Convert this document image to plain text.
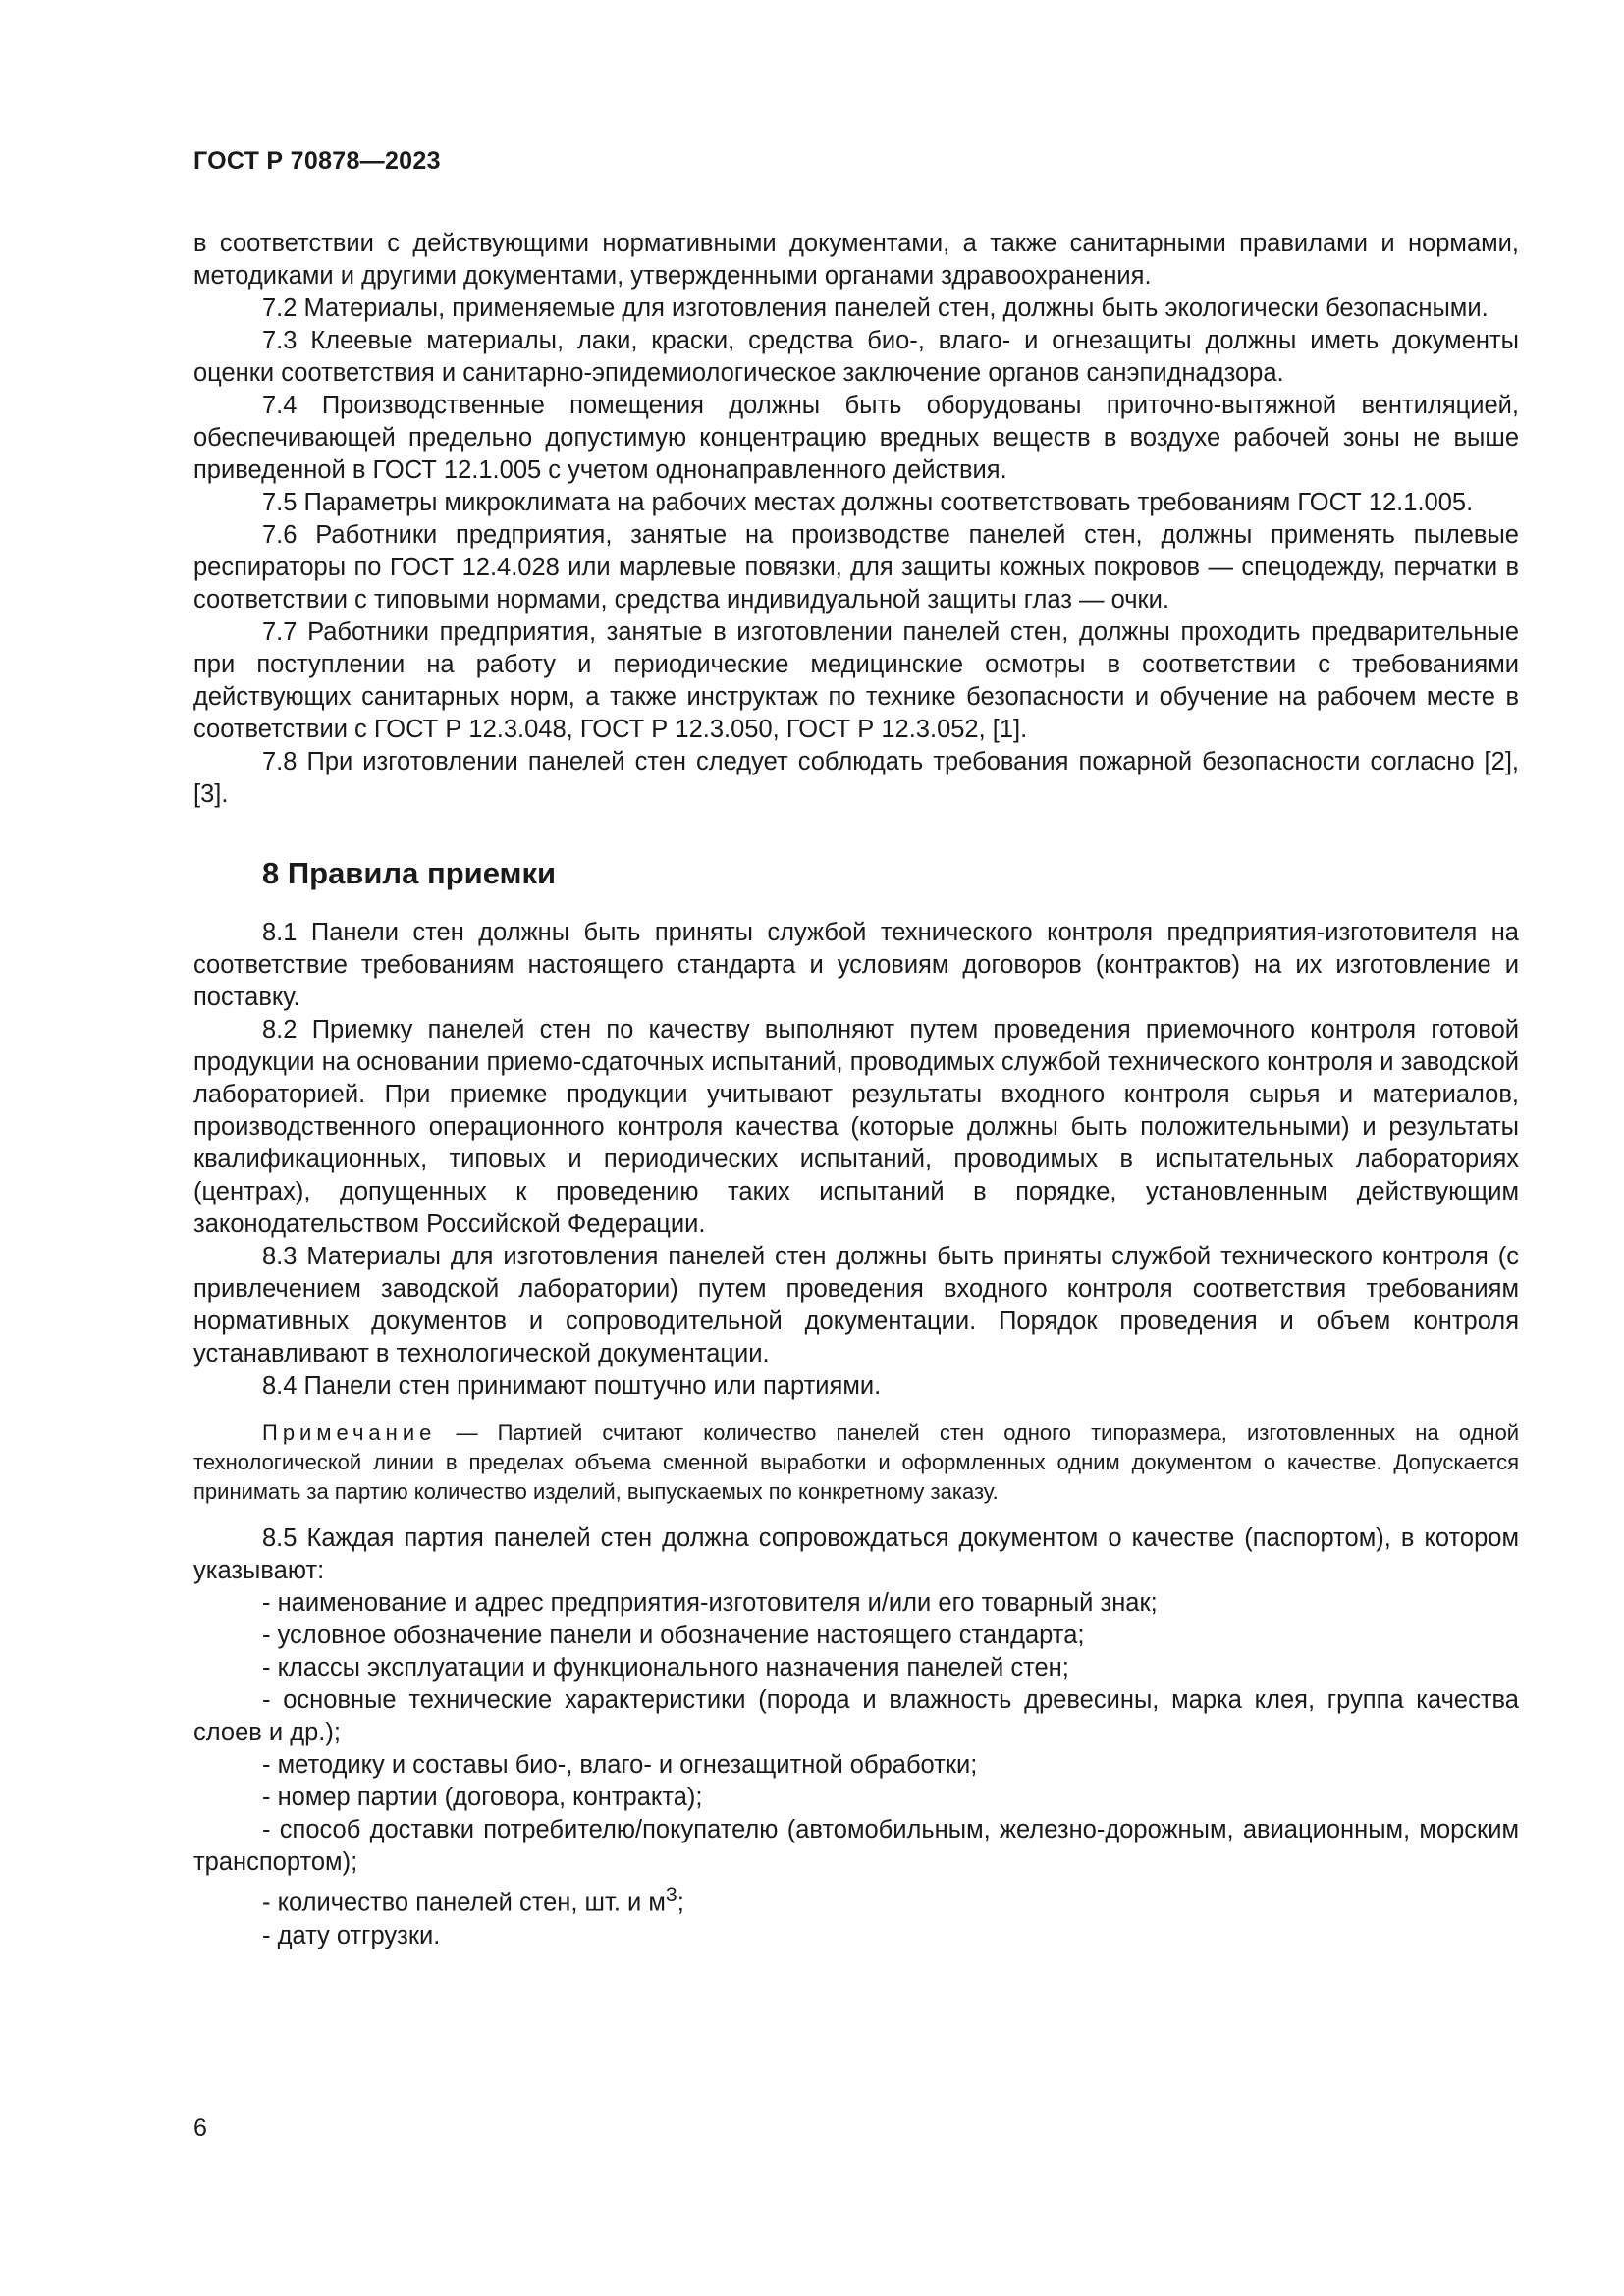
ГОСТ Р 70878—2023

в соответствии с действующими нормативными документами, а также санитарными правилами и нормами, методиками и другими документами, утвержденными органами здравоохранения.

7.2 Материалы, применяемые для изготовления панелей стен, должны быть экологически безопасными.

7.3 Клеевые материалы, лаки, краски, средства био-, влаго- и огнезащиты должны иметь документы оценки соответствия и санитарно-эпидемиологическое заключение органов санэпиднадзора.

7.4 Производственные помещения должны быть оборудованы приточно-вытяжной вентиляцией, обеспечивающей предельно допустимую концентрацию вредных веществ в воздухе рабочей зоны не выше приведенной в ГОСТ 12.1.005 с учетом однонаправленного действия.

7.5 Параметры микроклимата на рабочих местах должны соответствовать требованиям ГОСТ 12.1.005.

7.6 Работники предприятия, занятые на производстве панелей стен, должны применять пылевые респираторы по ГОСТ 12.4.028 или марлевые повязки, для защиты кожных покровов — спецодежду, перчатки в соответствии с типовыми нормами, средства индивидуальной защиты глаз — очки.

7.7 Работники предприятия, занятые в изготовлении панелей стен, должны проходить предварительные при поступлении на работу и периодические медицинские осмотры в соответствии с требованиями действующих санитарных норм, а также инструктаж по технике безопасности и обучение на рабочем месте в соответствии с ГОСТ Р 12.3.048, ГОСТ Р 12.3.050, ГОСТ Р 12.3.052, [1].

7.8 При изготовлении панелей стен следует соблюдать требования пожарной безопасности согласно [2], [3].

8 Правила приемки

8.1 Панели стен должны быть приняты службой технического контроля предприятия-изготовителя на соответствие требованиям настоящего стандарта и условиям договоров (контрактов) на их изготовление и поставку.

8.2 Приемку панелей стен по качеству выполняют путем проведения приемочного контроля готовой продукции на основании приемо-сдаточных испытаний, проводимых службой технического контроля и заводской лабораторией. При приемке продукции учитывают результаты входного контроля сырья и материалов, производственного операционного контроля качества (которые должны быть положительными) и результаты квалификационных, типовых и периодических испытаний, проводимых в испытательных лабораториях (центрах), допущенных к проведению таких испытаний в порядке, установленным действующим законодательством Российской Федерации.

8.3 Материалы для изготовления панелей стен должны быть приняты службой технического контроля (с привлечением заводской лаборатории) путем проведения входного контроля соответствия требованиям нормативных документов и сопроводительной документации. Порядок проведения и объем контроля устанавливают в технологической документации.

8.4 Панели стен принимают поштучно или партиями.

Примечание — Партией считают количество панелей стен одного типоразмера, изготовленных на одной технологической линии в пределах объема сменной выработки и оформленных одним документом о качестве. Допускается принимать за партию количество изделий, выпускаемых по конкретному заказу.

8.5 Каждая партия панелей стен должна сопровождаться документом о качестве (паспортом), в котором указывают:

- наименование и адрес предприятия-изготовителя и/или его товарный знак;

- условное обозначение панели и обозначение настоящего стандарта;

- классы эксплуатации и функционального назначения панелей стен;

- основные технические характеристики (порода и влажность древесины, марка клея, группа качества слоев и др.);

- методику и составы био-, влаго- и огнезащитной обработки;

- номер партии (договора, контракта);

- способ доставки потребителю/покупателю (автомобильным, железно-дорожным, авиационным, морским транспортом);

- количество панелей стен, шт. и $м^3$;

- дату отгрузки.

6
